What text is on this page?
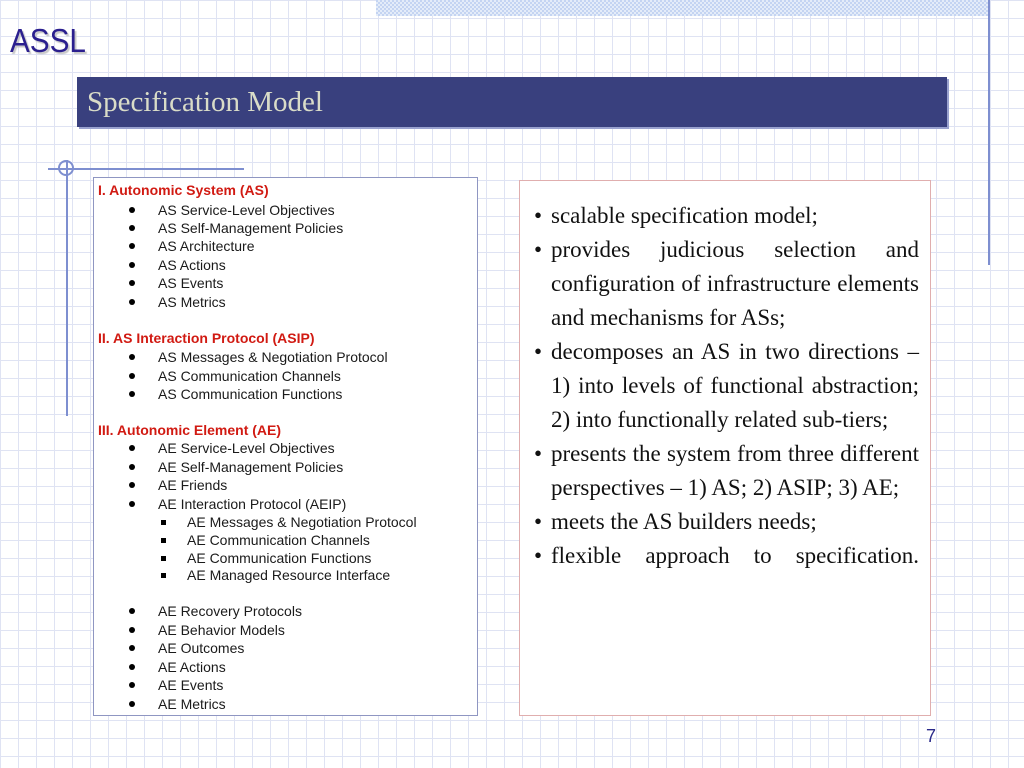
ASSL
Specification Model
I. Autonomic System (AS)
AS Service-Level Objectives
AS Self-Management Policies
AS Architecture
AS Actions
AS Events
AS Metrics
II. AS Interaction Protocol (ASIP)
AS Messages & Negotiation Protocol
AS Communication Channels
AS Communication Functions
III. Autonomic Element (AE)
AE Service-Level Objectives
AE Self-Management Policies
AE Friends
AE Interaction Protocol (AEIP)
AE Messages & Negotiation Protocol
AE Communication Channels
AE Communication Functions
AE Managed Resource Interface
AE Recovery Protocols
AE Behavior Models
AE Outcomes
AE Actions
AE Events
AE Metrics
• scalable specification model;
• provides judicious selection and configuration of infrastructure elements and mechanisms for ASs;
• decomposes an AS in two directions – 1) into levels of functional abstraction; 2) into functionally related sub-tiers;
• presents the system from three different perspectives – 1) AS; 2) ASIP; 3) AE;
• meets the AS builders needs;
• flexible approach to specification.
7
